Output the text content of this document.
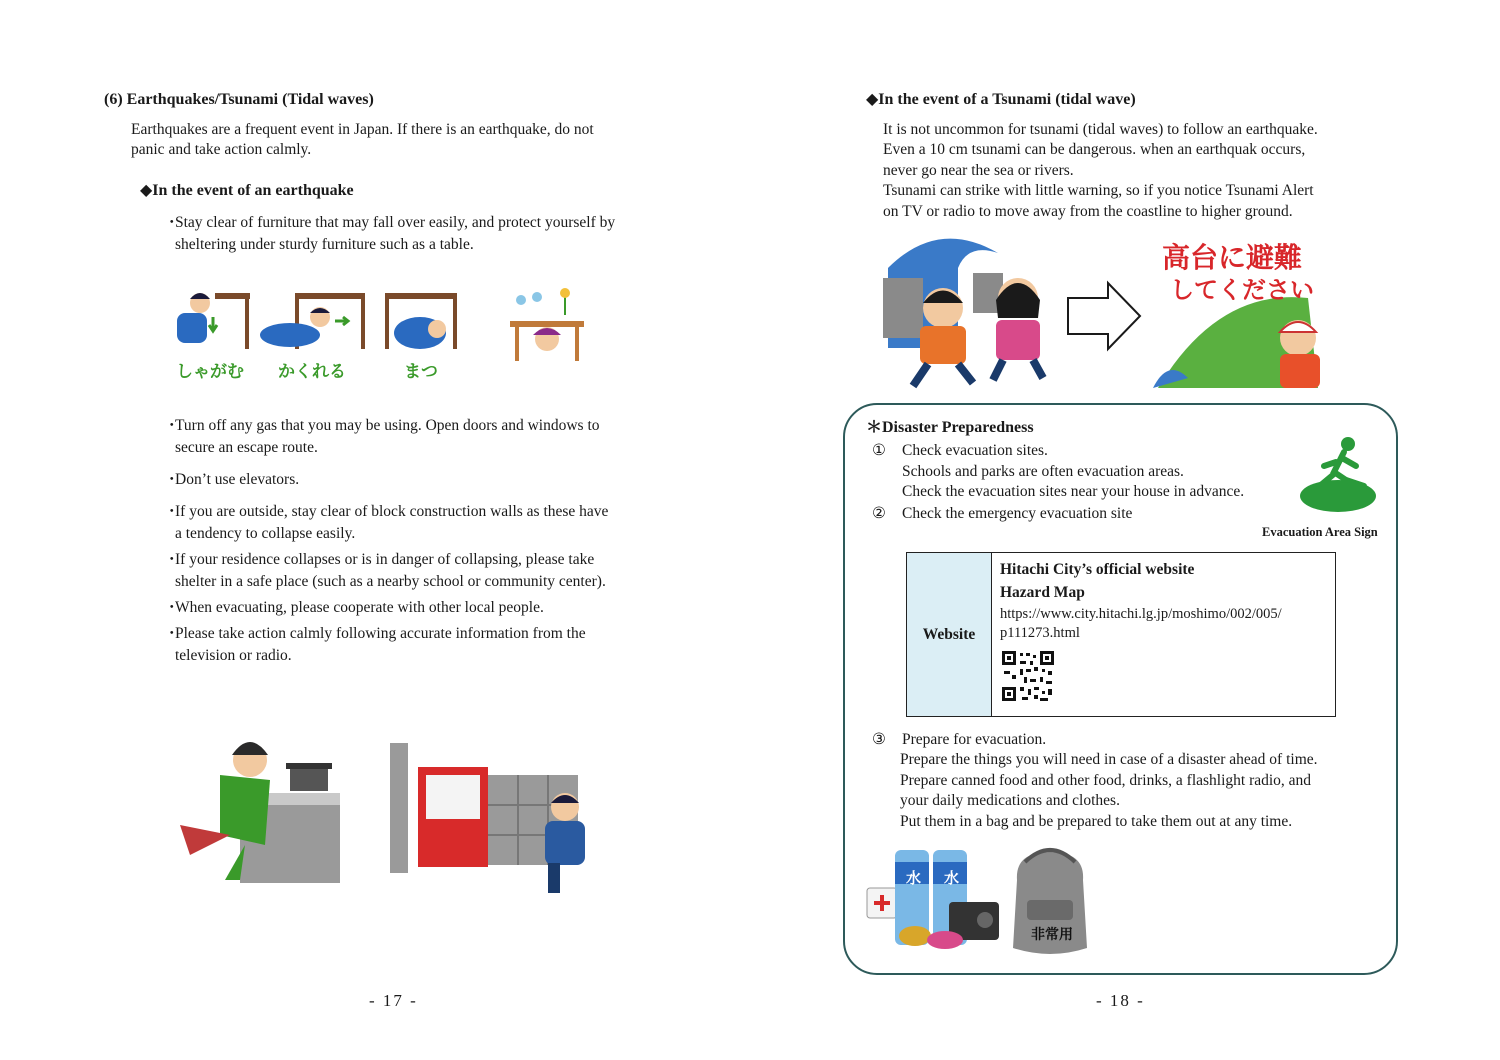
(6) Earthquakes/Tsunami (Tidal waves)
Earthquakes are a frequent event in Japan. If there is an earthquake, do not
panic and take action calmly.
◆In the event of an earthquake
・
Stay clear of furniture that may fall over easily, and protect yourself by
sheltering under sturdy furniture such as a table.
しゃがむ かくれる	まつ
・
Turn off any gas that you may be using. Open doors and windows to
secure an escape route.
・
Don’t use elevators.
・
If you are outside, stay clear of block construction walls as these have
a tendency to collapse easily.
・
If your residence collapses or is in danger of collapsing, please take
shelter in a safe place (such as a nearby school or community center).
・
When evacuating, please cooperate with other local people.
・
Please take action calmly following accurate information from the
television or radio.
- 17 -
◆In the event of a Tsunami (tidal wave)
It is not uncommon for tsunami (tidal waves) to follow an earthquake.
Even a 10 cm tsunami can be dangerous. when an earthquak occurs,
never go near the sea or rivers.
Tsunami can strike with little warning, so if you notice Tsunami Alert
on TV or radio to move away from the coastline to higher ground.
高台に避難
してください
＊Disaster Preparedness
① Check evacuation sites.
Schools and parks are often evacuation areas.
Check the evacuation sites near your house in advance.
② Check the emergency evacuation site
Evacuation Area Sign
Website	
Hitachi City’s official website
Hazard Map
https://www.city.hitachi.lg.jp/moshimo/002/005/
p111273.html
③ Prepare for evacuation.
Prepare the things you will need in case of a disaster ahead of time.
Prepare canned food and other food, drinks, a flashlight radio, and
your daily medications and clothes.
Put them in a bag and be prepared to take them out at any time.
水 水
非常用
- 18 -
